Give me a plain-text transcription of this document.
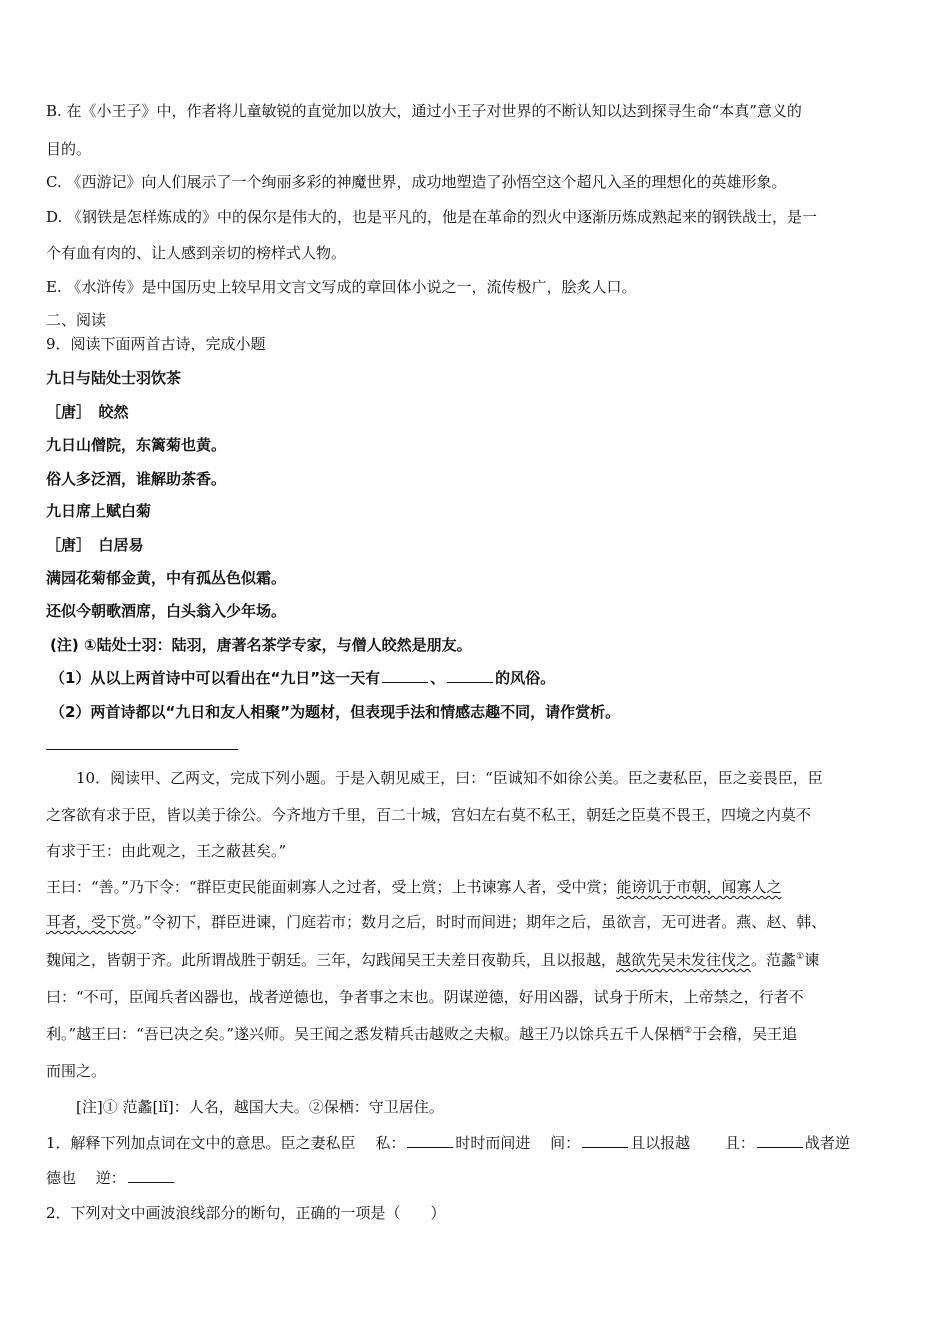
B. 在《小王子》中，作者将儿童敏锐的直觉加以放大，通过小王子对世界的不断认知以达到探寻生命“本真”意义的
目的。
C. 《西游记》向人们展示了一个绚丽多彩的神魔世界，成功地塑造了孙悟空这个超凡入圣的理想化的英雄形象。
D. 《钢铁是怎样炼成的》中的保尔是伟大的，也是平凡的，他是在革命的烈火中逐渐历炼成熟起来的钢铁战士，是一
个有血有肉的、让人感到亲切的榜样式人物。
E. 《水浒传》是中国历史上较早用文言文写成的章回体小说之一，流传极广，脍炙人口。
二、阅读
9．阅读下面两首古诗，完成小题
九日与陆处士羽饮茶
［唐］　皎然
九日山僧院，东篱菊也黄。
俗人多泛酒，谁解助茶香。
九日席上赋白菊
［唐］　白居易
满园花菊郁金黄，中有孤丛色似霜。
还似今朝歌酒席，白头翁入少年场。
(注) ①陆处士羽：陆羽，唐著名茶学专家，与僧人皎然是朋友。
（1）从以上两首诗中可以看出在“九日”这一天有	、	的风俗。
（2）两首诗都以“九日和友人相聚”为题材，但表现手法和情感志趣不同，请作赏析。
　　10．阅读甲、乙两文，完成下列小题。于是入朝见威王，曰：“臣诚知不如徐公美。臣之妻私臣，臣之妾畏臣，臣
之客欲有求于臣，皆以美于徐公。今齐地方千里，百二十城，宫妇左右莫不私王，朝廷之臣莫不畏王，四境之内莫不
有求于王：由此观之，王之蔽甚矣。”
王曰：“善。”乃下令：“群臣吏民能面刺寡人之过者，受上赏；上书谏寡人者，受中赏；能谤讥于市朝，闻寡人之
耳者，受下赏。”令初下，群臣进谏，门庭若市；数月之后，时时而间进；期年之后，虽欲言，无可进者。燕、赵、韩、
魏闻之，皆朝于齐。此所谓战胜于朝廷。三年，勾践闻吴王夫差日夜勒兵，且以报越，越欲先吴未发往伐之。范蠡①谏
曰：“不可，臣闻兵者凶器也，战者逆德也，争者事之末也。阴谋逆德，好用凶器，试身于所末，上帝禁之，行者不
利。”越王曰：“吾已决之矣。”遂兴师。吴王闻之悉发精兵击越败之夫椒。越王乃以馀兵五千人保栖②于会稽，吴王追
而围之。
　　[注]① 范蠡[lǐ]：人名，越国大夫。②保栖：守卫居住。
1．解释下列加点词在文中的意思。臣之妻私臣　 私：	时时而间进　 间：	且以报越　　 且：	战者逆
德也　 逆：
2．下列对文中画波浪线部分的断句，正确的一项是（　　）
